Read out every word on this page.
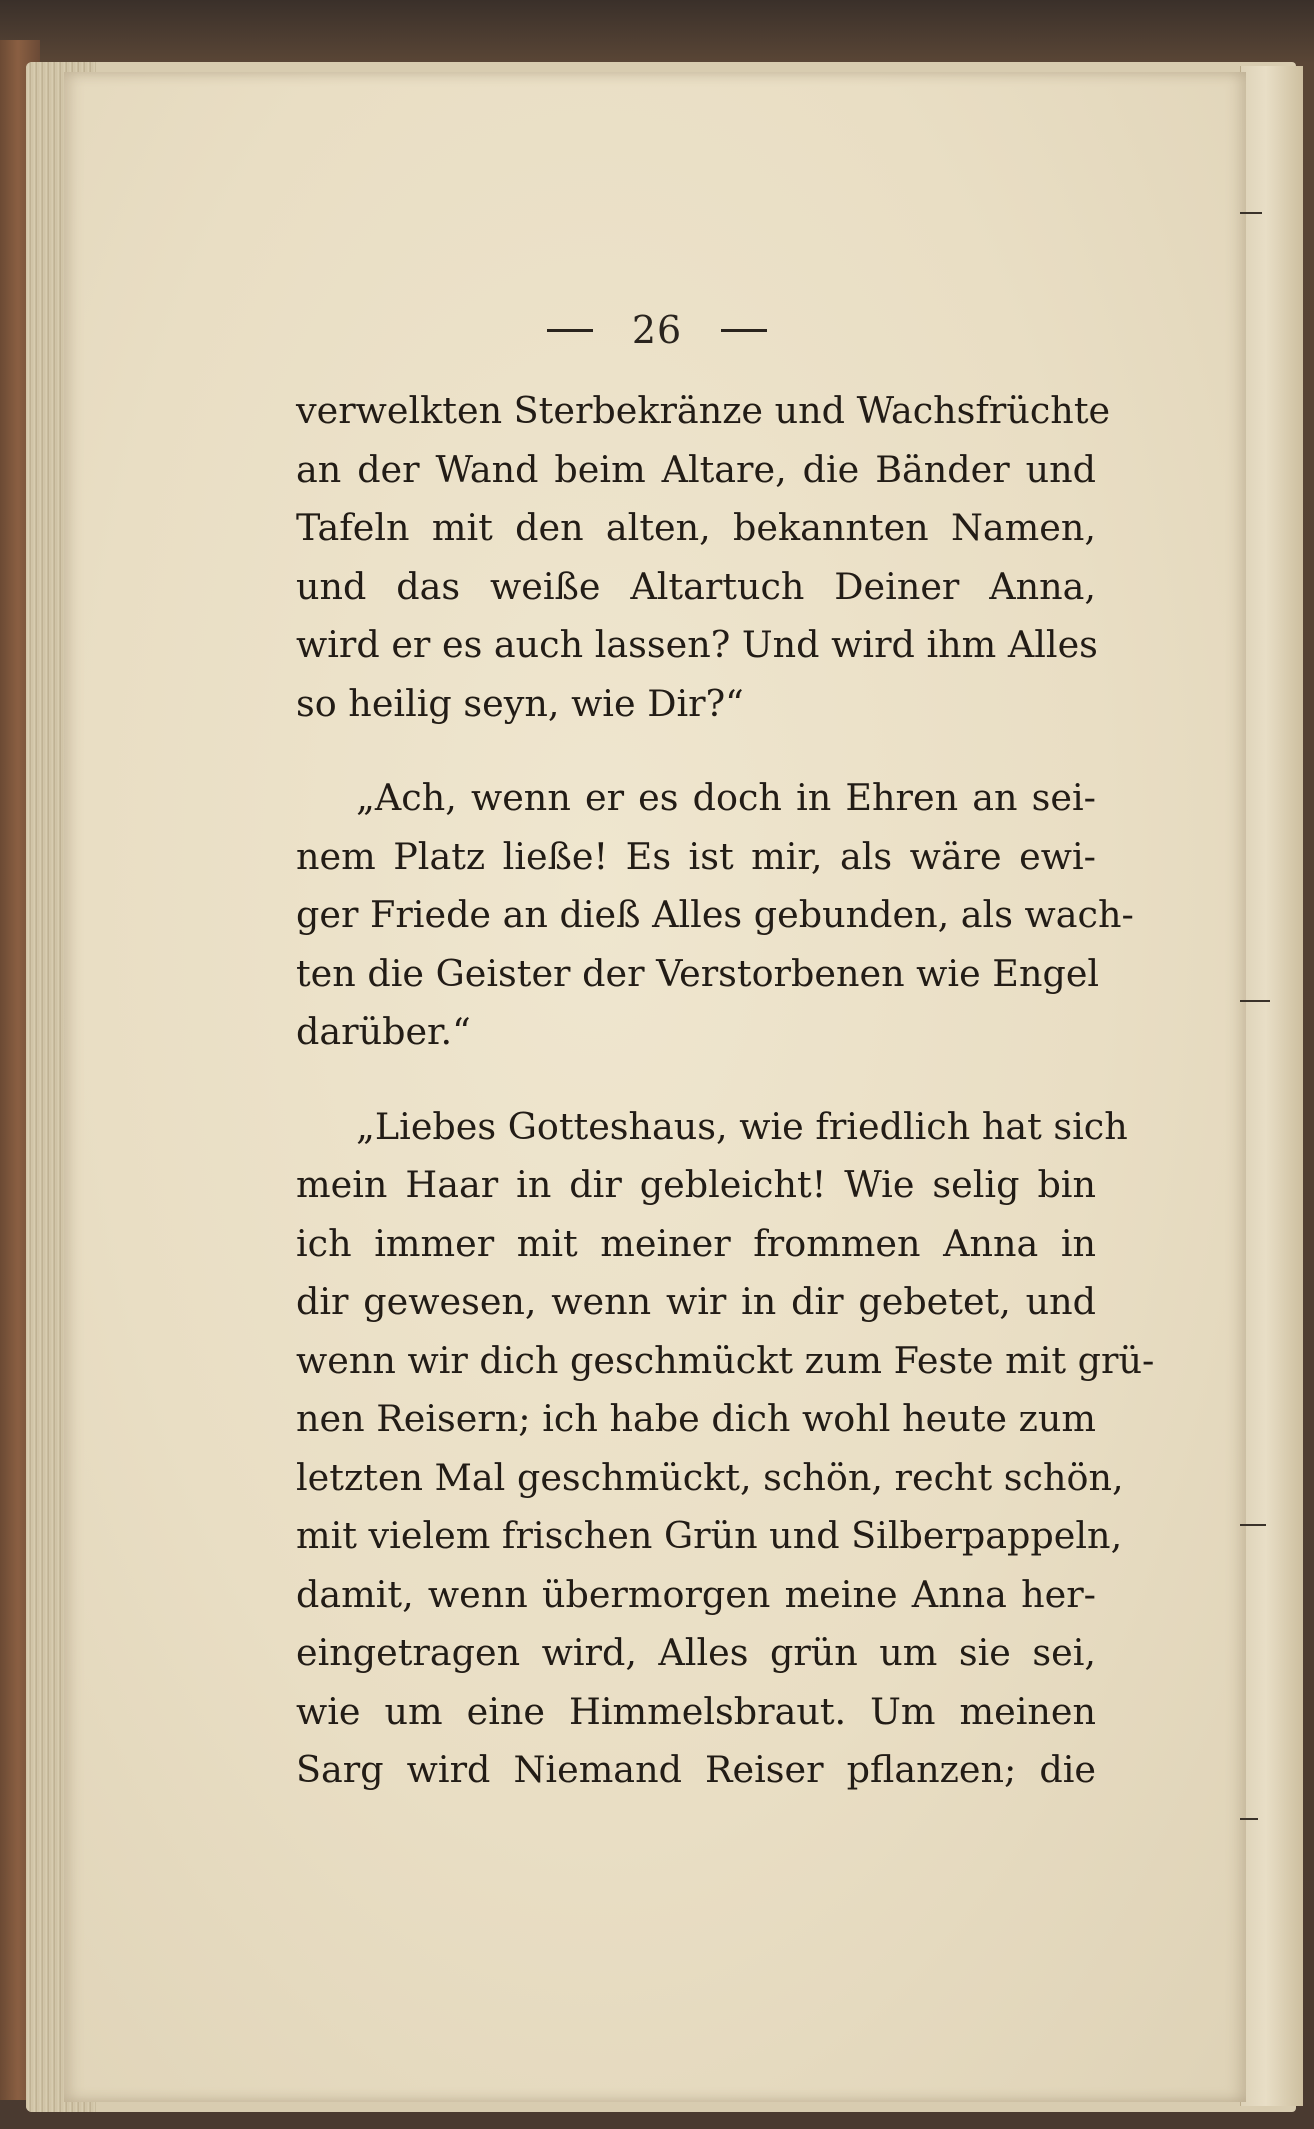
26

verwelkten Sterbekränze und Wachsfrüchte
an der Wand beim Altare, die Bänder und
Tafeln mit den alten, bekannten Namen,
und das weiße Altartuch Deiner Anna,
wird er es auch lassen? Und wird ihm Alles
so heilig seyn, wie Dir?“

„Ach, wenn er es doch in Ehren an sei-
nem Platz ließe! Es ist mir, als wäre ewi-
ger Friede an dieß Alles gebunden, als wach-
ten die Geister der Verstorbenen wie Engel
darüber.“

„Liebes Gotteshaus, wie friedlich hat sich
mein Haar in dir gebleicht! Wie selig bin
ich immer mit meiner frommen Anna in
dir gewesen, wenn wir in dir gebetet, und
wenn wir dich geschmückt zum Feste mit grü-
nen Reisern; ich habe dich wohl heute zum
letzten Mal geschmückt, schön, recht schön,
mit vielem frischen Grün und Silberpappeln,
damit, wenn übermorgen meine Anna her-
eingetragen wird, Alles grün um sie sei,
wie um eine Himmelsbraut. Um meinen
Sarg wird Niemand Reiser pflanzen; die
